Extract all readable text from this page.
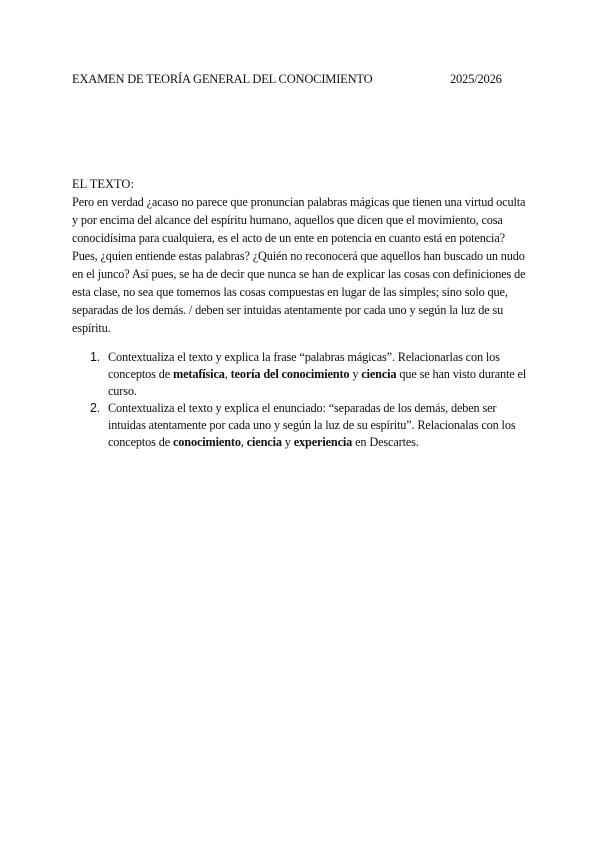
EXAMEN DE TEORÍA GENERAL DEL CONOCIMIENTO	2025/2026
EL TEXTO:
Pero en verdad ¿acaso no parece que pronuncian palabras mágicas que tienen una virtud oculta y por encima del alcance del espíritu humano, aquellos que dicen que el movimiento, cosa conocidísima para cualquiera, es el acto de un ente en potencia en cuanto está en potencia? Pues, ¿quien entiende estas palabras? ¿Quién no reconocerá que aquellos han buscado un nudo en el junco? Así pues, se ha de decir que nunca se han de explicar las cosas con definiciones de esta clase, no sea que tomemos las cosas compuestas en lugar de las simples; sino solo que, separadas de los demás. / deben ser intuidas atentamente por cada uno y según la luz de su espíritu.
1. Contextualiza el texto y explica la frase “palabras mágicas”. Relacionarlas con los conceptos de metafísica, teoría del conocimiento y ciencia que se han visto durante el curso.
2. Contextualiza el texto y explica el enunciado: “separadas de los demás, deben ser intuidas atentamente por cada uno y según la luz de su espíritu”. Relacionalas con los conceptos de conocimiento, ciencia y experiencia en Descartes.
